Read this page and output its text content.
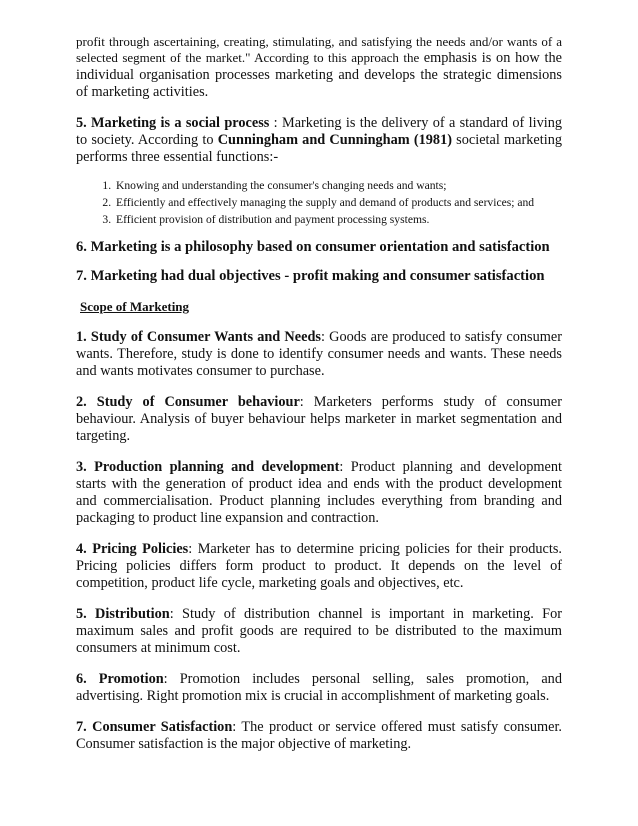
profit through ascertaining, creating, stimulating, and satisfying the needs and/or wants of a selected segment of the market." According to this approach the emphasis is on how the individual organisation processes marketing and develops the strategic dimensions of marketing activities.

5. Marketing is a social process : Marketing is the delivery of a standard of living to society. According to Cunningham and Cunningham (1981) societal marketing performs three essential functions:-

1. Knowing and understanding the consumer's changing needs and wants;
2. Efficiently and effectively managing the supply and demand of products and services; and
3. Efficient provision of distribution and payment processing systems.

6. Marketing is a philosophy based on consumer orientation and satisfaction

7. Marketing had dual objectives - profit making and consumer satisfaction

Scope of Marketing

1. Study of Consumer Wants and Needs: Goods are produced to satisfy consumer wants. Therefore, study is done to identify consumer needs and wants. These needs and wants motivates consumer to purchase.

2. Study of Consumer behaviour: Marketers performs study of consumer behaviour. Analysis of buyer behaviour helps marketer in market segmentation and targeting.

3. Production planning and development: Product planning and development starts with the generation of product idea and ends with the product development and commercialisation. Product planning includes everything from branding and packaging to product line expansion and contraction.

4. Pricing Policies: Marketer has to determine pricing policies for their products. Pricing policies differs form product to product. It depends on the level of competition, product life cycle, marketing goals and objectives, etc.

5. Distribution: Study of distribution channel is important in marketing. For maximum sales and profit goods are required to be distributed to the maximum consumers at minimum cost.

6. Promotion: Promotion includes personal selling, sales promotion, and advertising. Right promotion mix is crucial in accomplishment of marketing goals.

7. Consumer Satisfaction: The product or service offered must satisfy consumer. Consumer satisfaction is the major objective of marketing.
